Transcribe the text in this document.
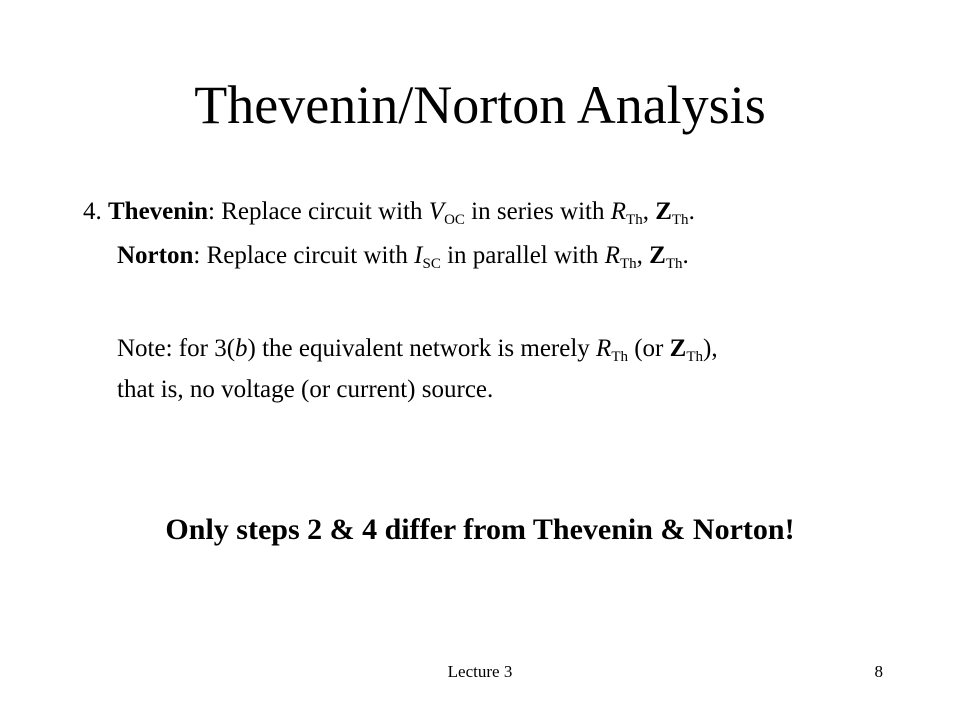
Thevenin/Norton Analysis
4. Thevenin: Replace circuit with $V_{OC}$ in series with $R_{Th}$, $Z_{Th}$.
Norton: Replace circuit with $I_{SC}$ in parallel with $R_{Th}$, $Z_{Th}$.
Note: for 3(b) the equivalent network is merely $R_{Th}$ (or $Z_{Th}$),
that is, no voltage (or current) source.
Only steps 2 & 4 differ from Thevenin & Norton!
Lecture 3	8
